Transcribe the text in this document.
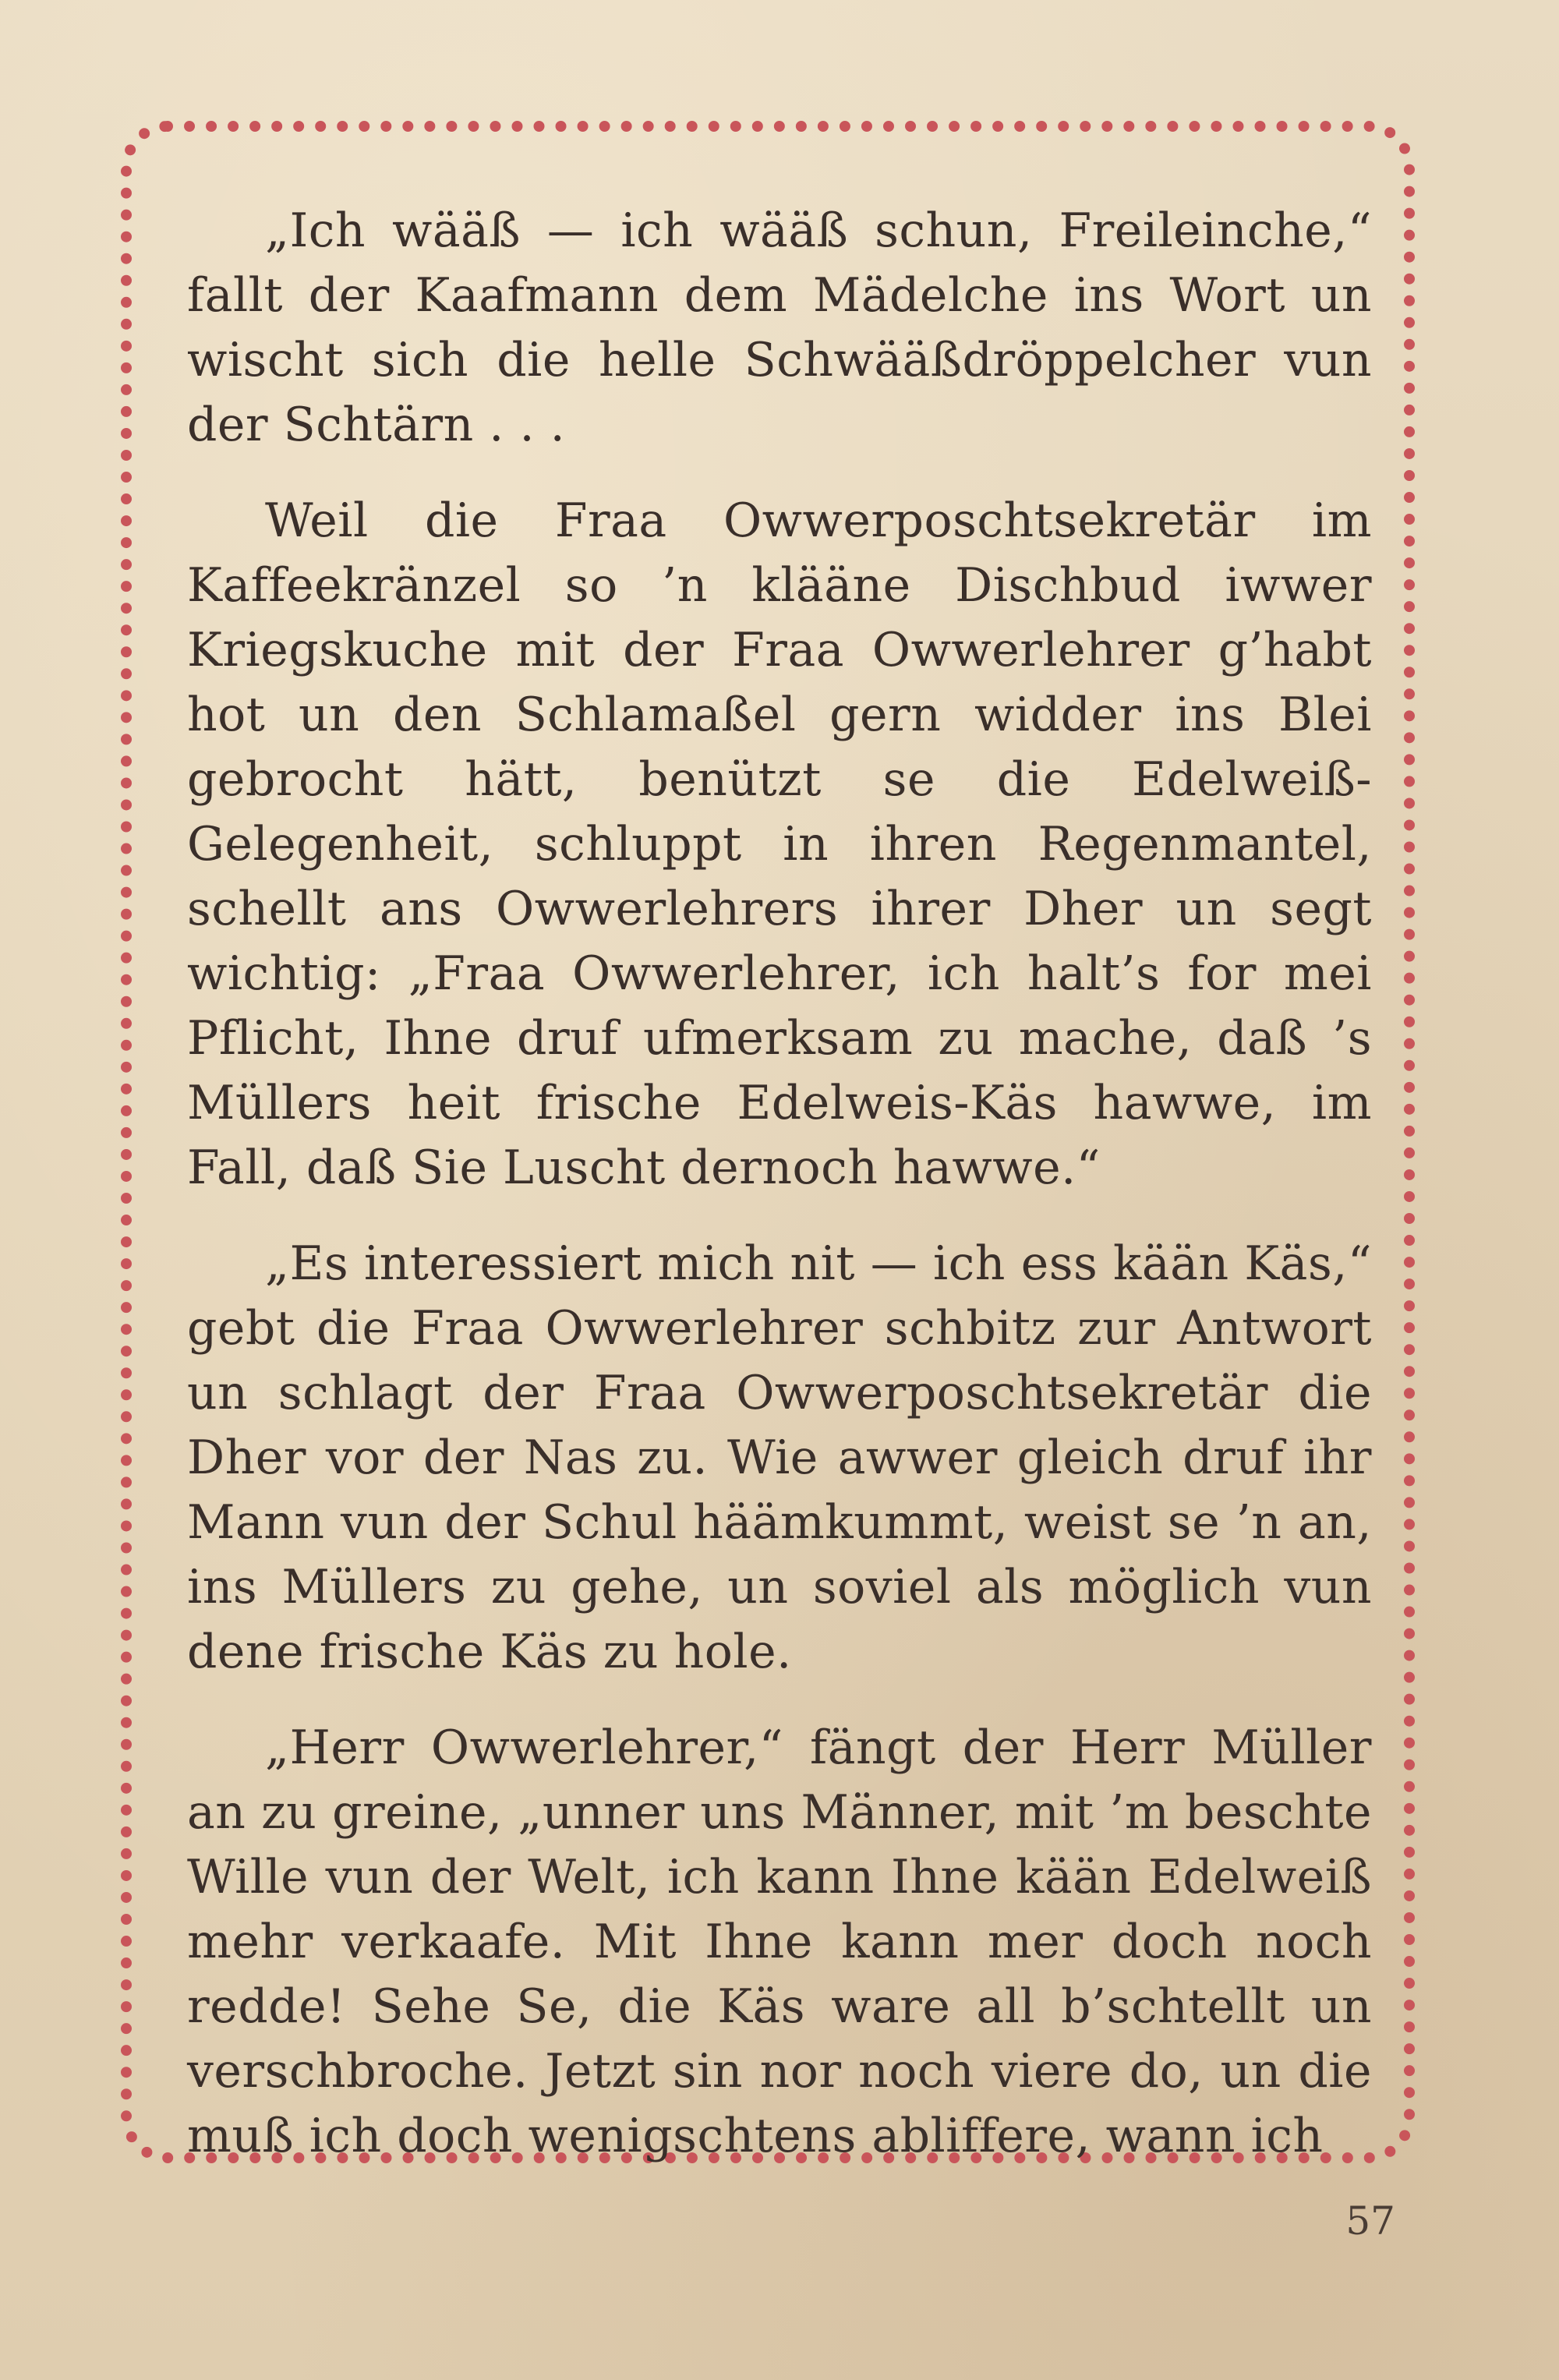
„Ich wääß — ich wääß schun, Freileinche,“ fallt der Kaafmann dem Mädelche ins Wort un wischt sich die helle Schwääßdröppelcher vun der Schtärn . . .

Weil die Fraa Owwerposchtsekretär im Kaffeekränzel so ’n klääne Dischbud iwwer Kriegskuche mit der Fraa Owwerlehrer g’habt hot un den Schlamaßel gern widder ins Blei gebrocht hätt, benützt se die Edelweiß-Gelegenheit, schluppt in ihren Regenmantel, schellt ans Owwerlehrers ihrer Dher un segt wichtig: „Fraa Owwerlehrer, ich halt’s for mei Pflicht, Ihne druf ufmerksam zu mache, daß ’s Müllers heit frische Edelweis-Käs hawwe, im Fall, daß Sie Luscht dernoch hawwe.“

„Es interessiert mich nit — ich ess kään Käs,“ gebt die Fraa Owwerlehrer schbitz zur Antwort un schlagt der Fraa Owwerposchtsekretär die Dher vor der Nas zu. Wie awwer gleich druf ihr Mann vun der Schul häämkummt, weist se ’n an, ins Müllers zu gehe, un soviel als möglich vun dene frische Käs zu hole.

„Herr Owwerlehrer,“ fängt der Herr Müller an zu greine, „unner uns Männer, mit ’m beschte Wille vun der Welt, ich kann Ihne kään Edelweiß mehr verkaafe. Mit Ihne kann mer doch noch redde! Sehe Se, die Käs ware all b’schtellt un verschbroche. Jetzt sin nor noch viere do, un die muß ich doch wenigschtens abliffere, wann ich

57
